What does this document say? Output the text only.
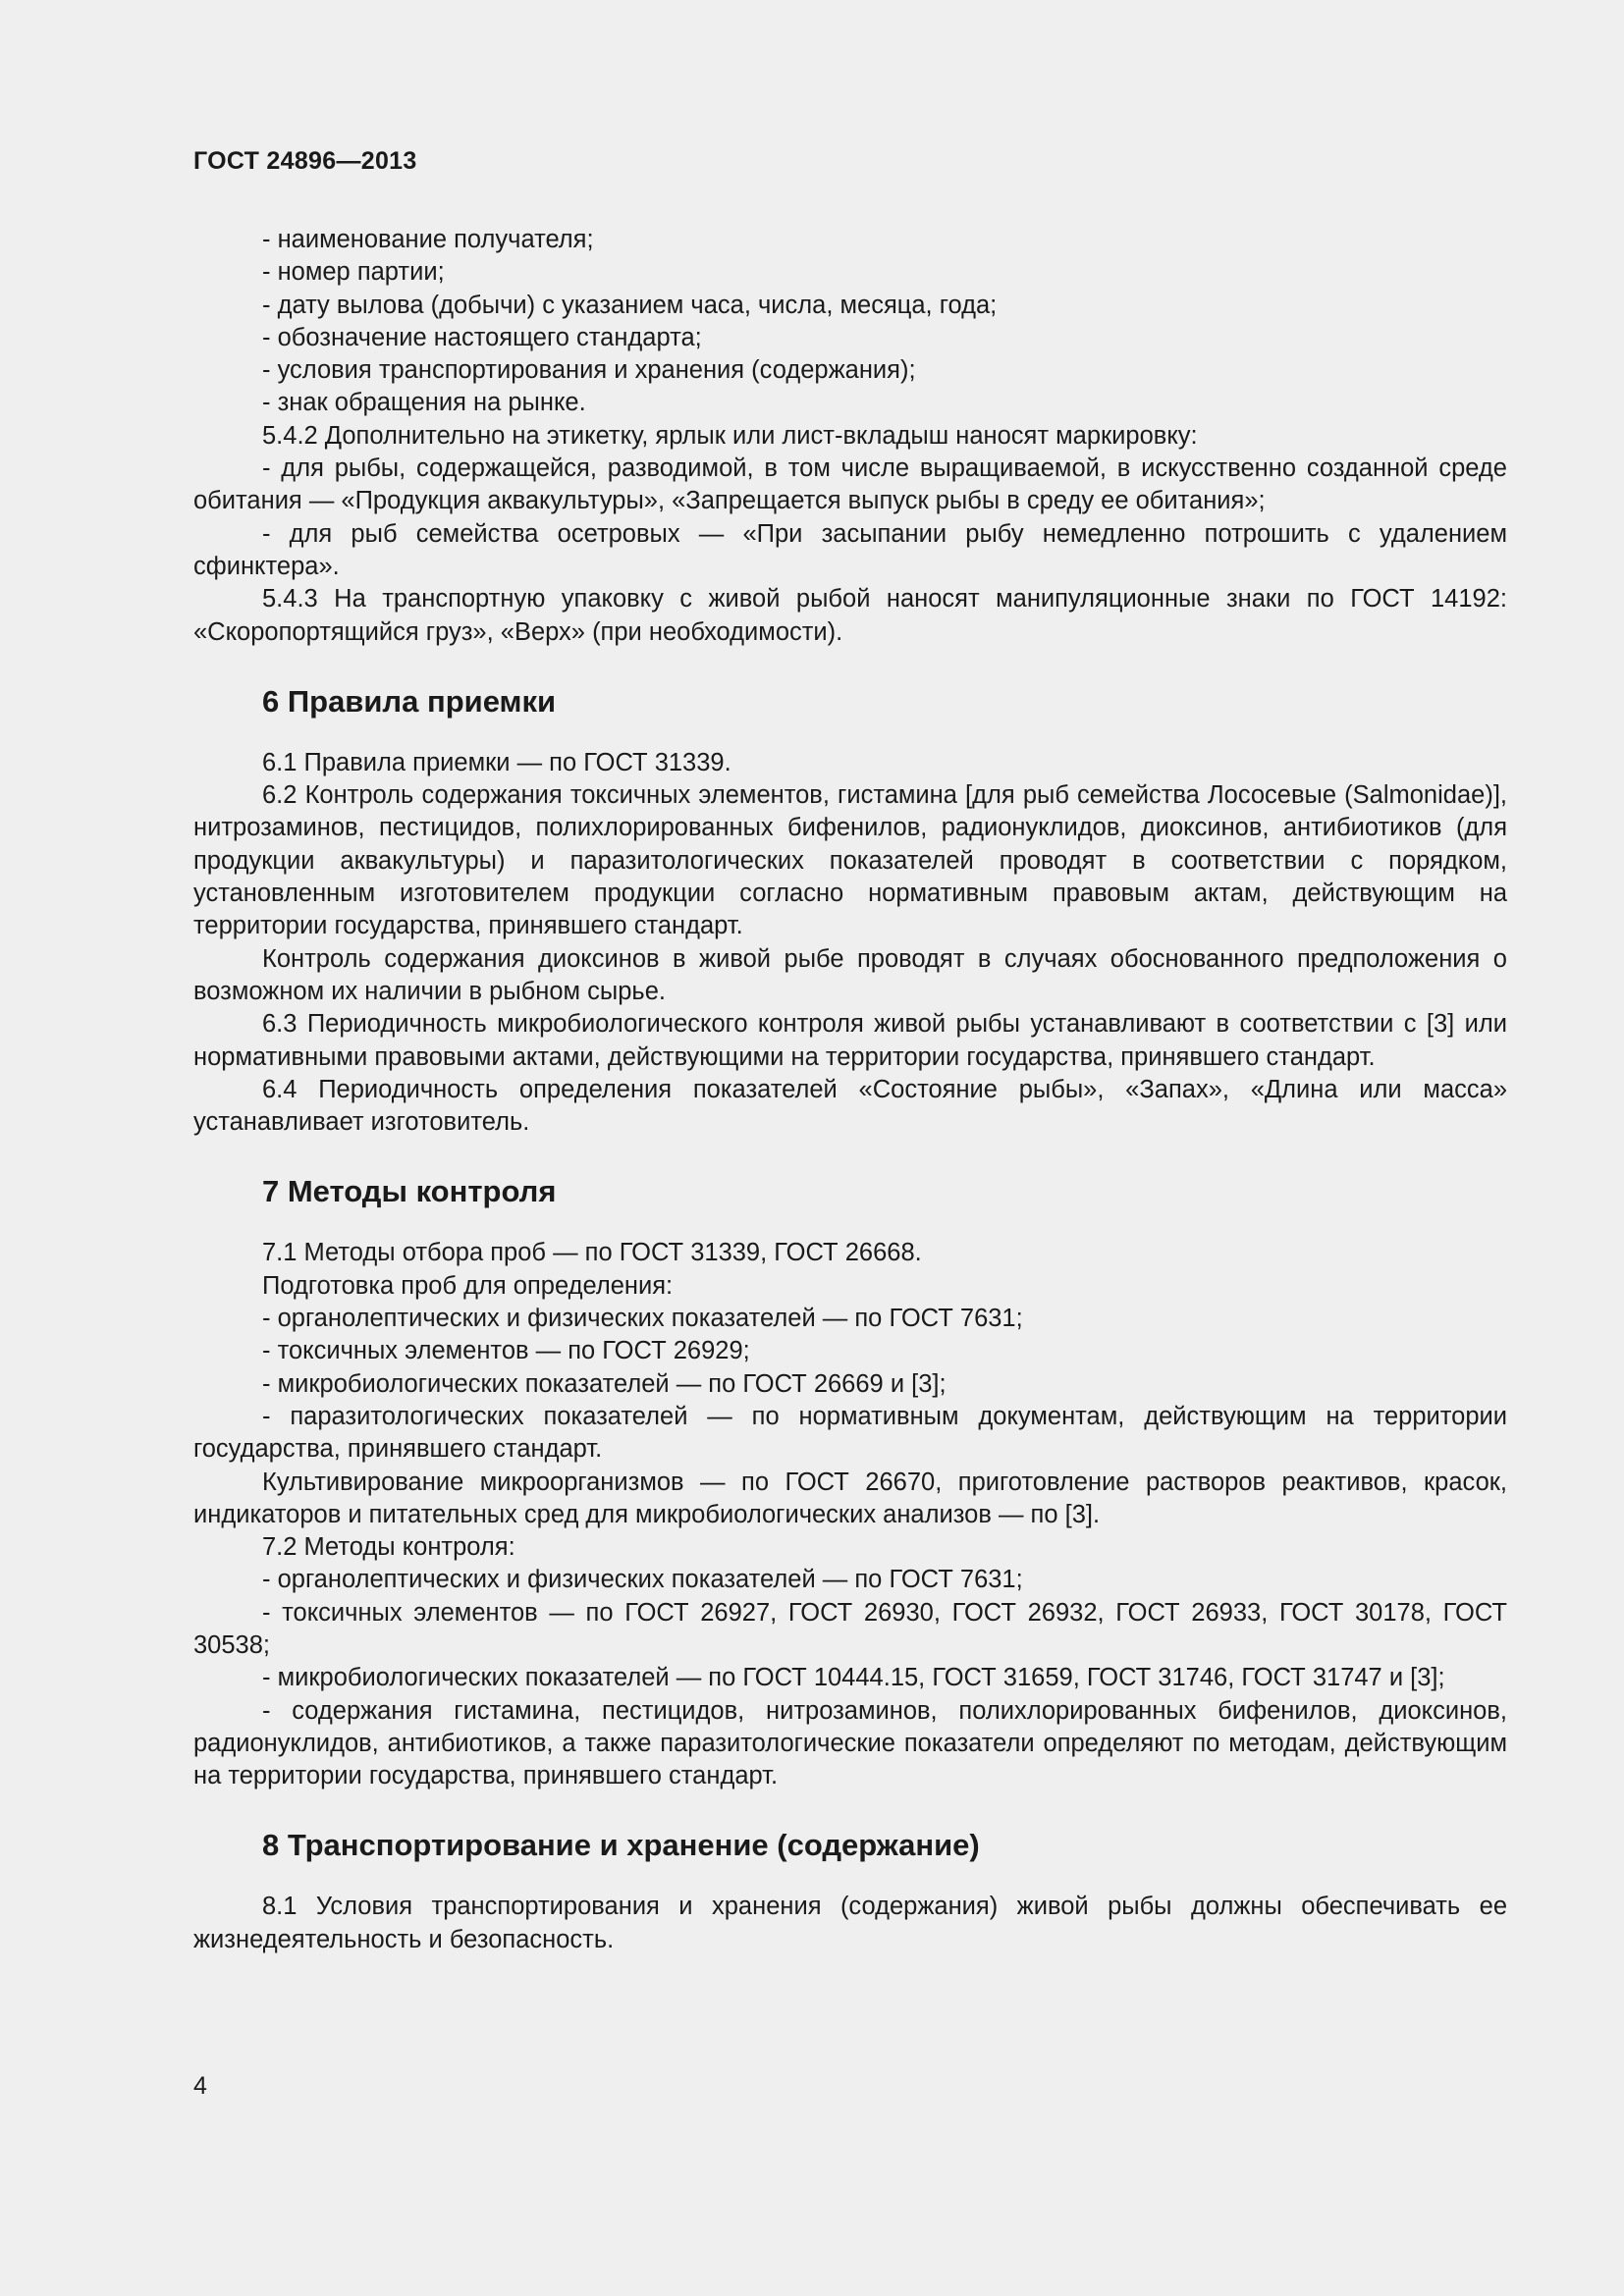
ГОСТ 24896—2013

- наименование получателя;

- номер партии;

- дату вылова (добычи) с указанием часа, числа, месяца, года;

- обозначение настоящего стандарта;

- условия транспортирования и хранения (содержания);

- знак обращения на рынке.

5.4.2 Дополнительно на этикетку, ярлык или лист-вкладыш наносят маркировку:

- для рыбы, содержащейся, разводимой, в том числе выращиваемой, в искусственно созданной среде обитания — «Продукция аквакультуры», «Запрещается выпуск рыбы в среду ее обитания»;

- для рыб семейства осетровых — «При засыпании рыбу немедленно потрошить с удалением сфинктера».

5.4.3 На транспортную упаковку с живой рыбой наносят манипуляционные знаки по ГОСТ 14192: «Скоропортящийся груз», «Верх» (при необходимости).

6 Правила приемки

6.1 Правила приемки — по ГОСТ 31339.

6.2 Контроль содержания токсичных элементов, гистамина [для рыб семейства Лососевые (Salmonidae)], нитрозаминов, пестицидов, полихлорированных бифенилов, радионуклидов, диоксинов, антибиотиков (для продукции аквакультуры) и паразитологических показателей проводят в соответствии с порядком, установленным изготовителем продукции согласно нормативным правовым актам, действующим на территории государства, принявшего стандарт.

Контроль содержания диоксинов в живой рыбе проводят в случаях обоснованного предположения о возможном их наличии в рыбном сырье.

6.3 Периодичность микробиологического контроля живой рыбы устанавливают в соответствии с [3] или нормативными правовыми актами, действующими на территории государства, принявшего стандарт.

6.4 Периодичность определения показателей «Состояние рыбы», «Запах», «Длина или масса» устанавливает изготовитель.

7 Методы контроля

7.1 Методы отбора проб — по ГОСТ 31339, ГОСТ 26668.

Подготовка проб для определения:

- органолептических и физических показателей — по ГОСТ 7631;

- токсичных элементов — по ГОСТ 26929;

- микробиологических показателей — по ГОСТ 26669 и [3];

- паразитологических показателей — по нормативным документам, действующим на территории государства, принявшего стандарт.

Культивирование микроорганизмов — по ГОСТ 26670, приготовление растворов реактивов, красок, индикаторов и питательных сред для микробиологических анализов — по [3].

7.2 Методы контроля:

- органолептических и физических показателей — по ГОСТ 7631;

- токсичных элементов — по ГОСТ 26927, ГОСТ 26930, ГОСТ 26932, ГОСТ 26933, ГОСТ 30178, ГОСТ 30538;

- микробиологических показателей — по ГОСТ 10444.15, ГОСТ 31659, ГОСТ 31746, ГОСТ 31747 и [3];

- содержания гистамина, пестицидов, нитрозаминов, полихлорированных бифенилов, диоксинов, радионуклидов, антибиотиков, а также паразитологические показатели определяют по методам, действующим на территории государства, принявшего стандарт.

8 Транспортирование и хранение (содержание)

8.1 Условия транспортирования и хранения (содержания) живой рыбы должны обеспечивать ее жизнедеятельность и безопасность.

4
